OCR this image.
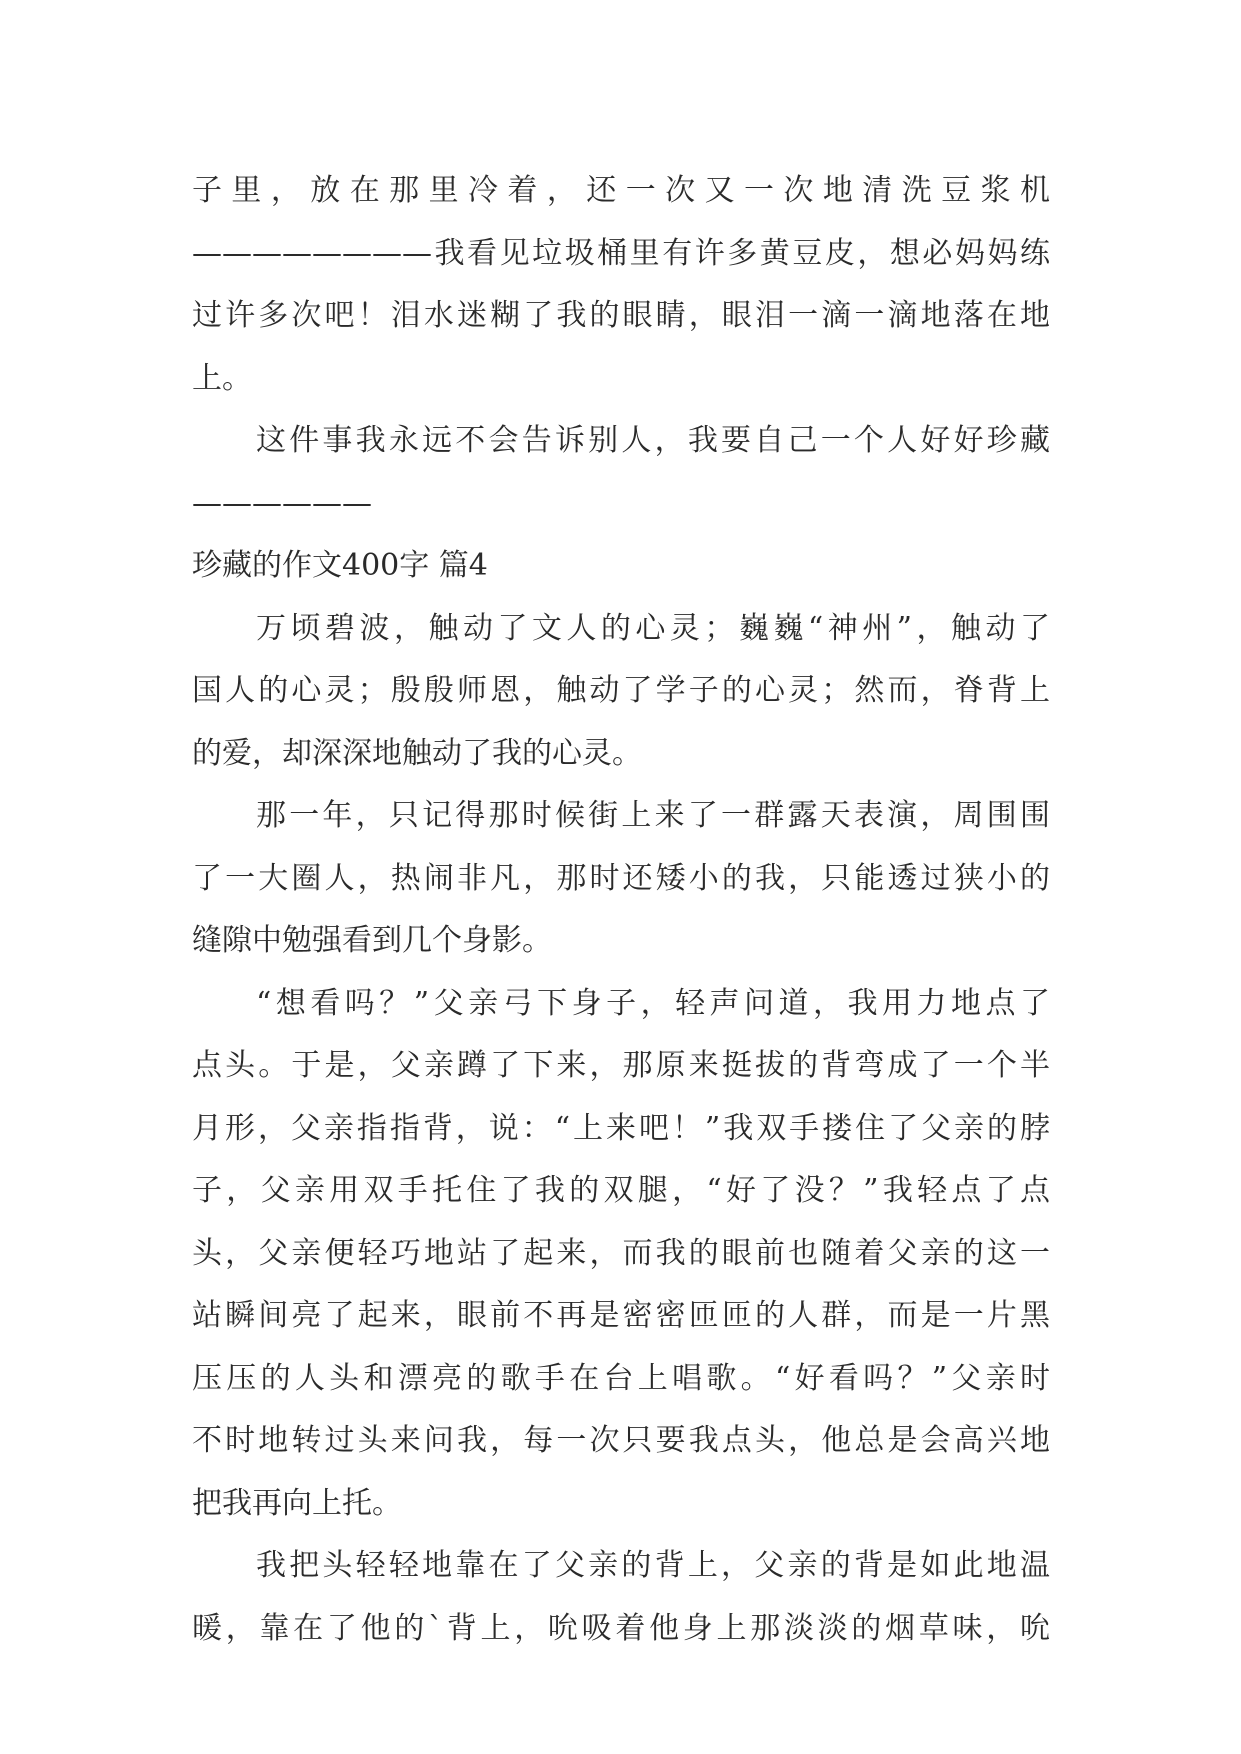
子里，放在那里冷着，还一次又一次地清洗豆浆机
————————我看见垃圾桶里有许多黄豆皮，想必妈妈练
过许多次吧！泪水迷糊了我的眼睛，眼泪一滴一滴地落在地
上。
这件事我永远不会告诉别人，我要自己一个人好好珍藏
——————
珍藏的作文400字 篇4
万顷碧波，触动了文人的心灵；巍巍“神州”，触动了
国人的心灵；殷殷师恩，触动了学子的心灵；然而，脊背上
的爱，却深深地触动了我的心灵。
那一年，只记得那时候街上来了一群露天表演，周围围
了一大圈人，热闹非凡，那时还矮小的我，只能透过狭小的
缝隙中勉强看到几个身影。
“想看吗？”父亲弓下身子，轻声问道，我用力地点了
点头。于是，父亲蹲了下来，那原来挺拔的背弯成了一个半
月形，父亲指指背，说：“上来吧！”我双手搂住了父亲的脖
子，父亲用双手托住了我的双腿，“好了没？”我轻点了点
头，父亲便轻巧地站了起来，而我的眼前也随着父亲的这一
站瞬间亮了起来，眼前不再是密密匝匝的人群，而是一片黑
压压的人头和漂亮的歌手在台上唱歌。“好看吗？”父亲时
不时地转过头来问我，每一次只要我点头，他总是会高兴地
把我再向上托。
我把头轻轻地靠在了父亲的背上，父亲的背是如此地温
暖，靠在了他的`背上，吮吸着他身上那淡淡的烟草味，吮
